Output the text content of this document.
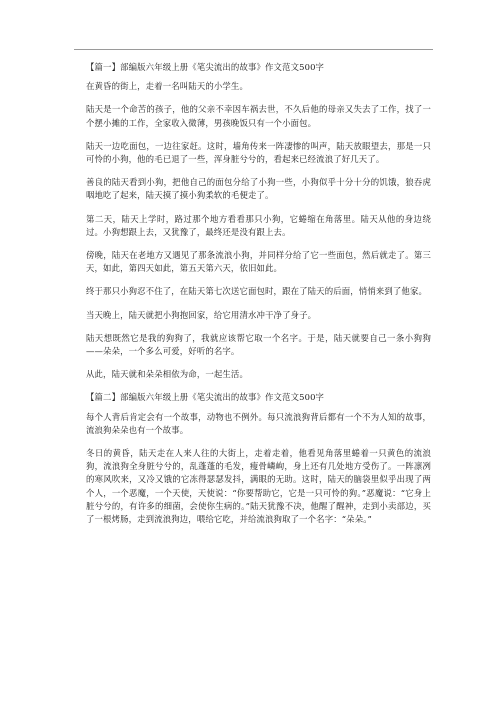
【篇一】部编版六年级上册《笔尖流出的故事》作文范文500字

在黄昏的街上，走着一名叫陆天的小学生。

陆天是一个命苦的孩子，他的父亲不幸因车祸去世，不久后他的母亲又失去了工作，找了一个摆小摊的工作，全家收入微薄，男孩晚饭只有一个小面包。

陆天一边吃面包，一边往家赶。这时，墙角传来一阵凄惨的叫声，陆天放眼望去，那是一只可怜的小狗，他的毛已退了一些，浑身脏兮兮的，看起来已经流浪了好几天了。

善良的陆天看到小狗，把他自己的面包分给了小狗一些，小狗似乎十分十分的饥饿，狼吞虎咽地吃了起来，陆天摸了摸小狗柔软的毛便走了。

第二天，陆天上学时，路过那个地方看看那只小狗，它蜷缩在角落里。陆天从他的身边绕过。小狗想跟上去，又犹豫了，最终还是没有跟上去。

傍晚，陆天在老地方又遇见了那条流浪小狗，并同样分给了它一些面包，然后就走了。第三天，如此，第四天如此，第五天第六天，依旧如此。

终于那只小狗忍不住了，在陆天第七次送它面包时，跟在了陆天的后面，悄悄来到了他家。

当天晚上，陆天就把小狗抱回家，给它用清水冲干净了身子。

陆天想既然它是我的狗狗了，我就应该帮它取一个名字。于是，陆天就要自己一条小狗狗——朵朵，一个多么可爱，好听的名字。

从此，陆天就和朵朵相依为命，一起生活。

【篇二】部编版六年级上册《笔尖流出的故事》作文范文500字

每个人背后肯定会有一个故事，动物也不例外。每只流浪狗背后都有一个不为人知的故事，流浪狗朵朵也有一个故事。

冬日的黄昏，陆天走在人来人往的大街上，走着走着，他看见角落里蜷着一只黄色的流浪狗，流浪狗全身脏兮兮的，乱蓬蓬的毛发，瘦骨嶙峋，身上还有几处地方受伤了。一阵凛冽的寒风吹来，又冷又饿的它冻得瑟瑟发抖，满眼的无助。这时，陆天的脑袋里似乎出现了两个人，一个恶魔，一个天使，天使说：“你要帮助它，它是一只可怜的狗。”恶魔说：“它身上脏兮兮的，有许多的细菌，会使你生病的。”陆天犹豫不决，他醒了醒神，走到小卖部边，买了一根烤肠，走到流浪狗边，喂给它吃，并给流浪狗取了一个名字：“朵朵。”
